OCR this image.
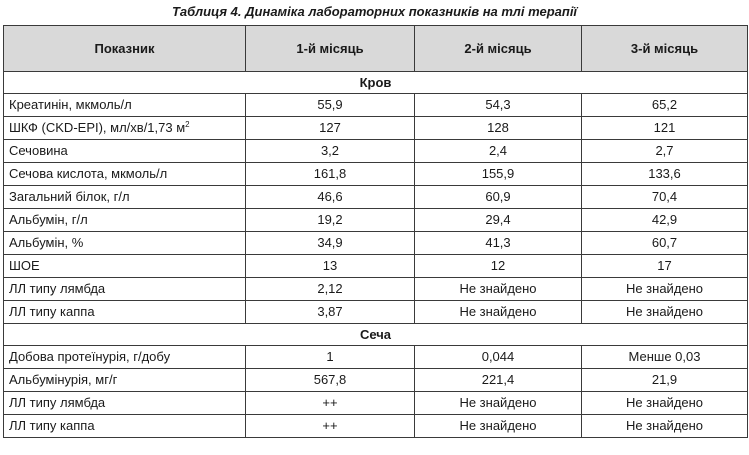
Таблиця 4. Динаміка лабораторних показників на тлі терапії
Показник	1-й місяць	2-й місяць	3-й місяць
Кров			
Креатинін, мкмоль/л	55,9	54,3	65,2
ШКФ (CKD-EPI), мл/хв/1,73 $м^2$	127	128	121
Сечовина	3,2	2,4	2,7
Сечова кислота, мкмоль/л	161,8	155,9	133,6
Загальний білок, г/л	46,6	60,9	70,4
Альбумін, г/л	19,2	29,4	42,9
Альбумін, %	34,9	41,3	60,7
ШОЕ	13	12	17
ЛЛ типу лямбда	2,12	Не знайдено	Не знайдено
ЛЛ типу каппа	3,87	Не знайдено	Не знайдено
Сеча			
Добова протеїнурія, г/добу	1	0,044	Менше 0,03
Альбумінурія, мг/г	567,8	221,4	21,9
ЛЛ типу лямбда	++	Не знайдено	Не знайдено
ЛЛ типу каппа	++	Не знайдено	Не знайдено
